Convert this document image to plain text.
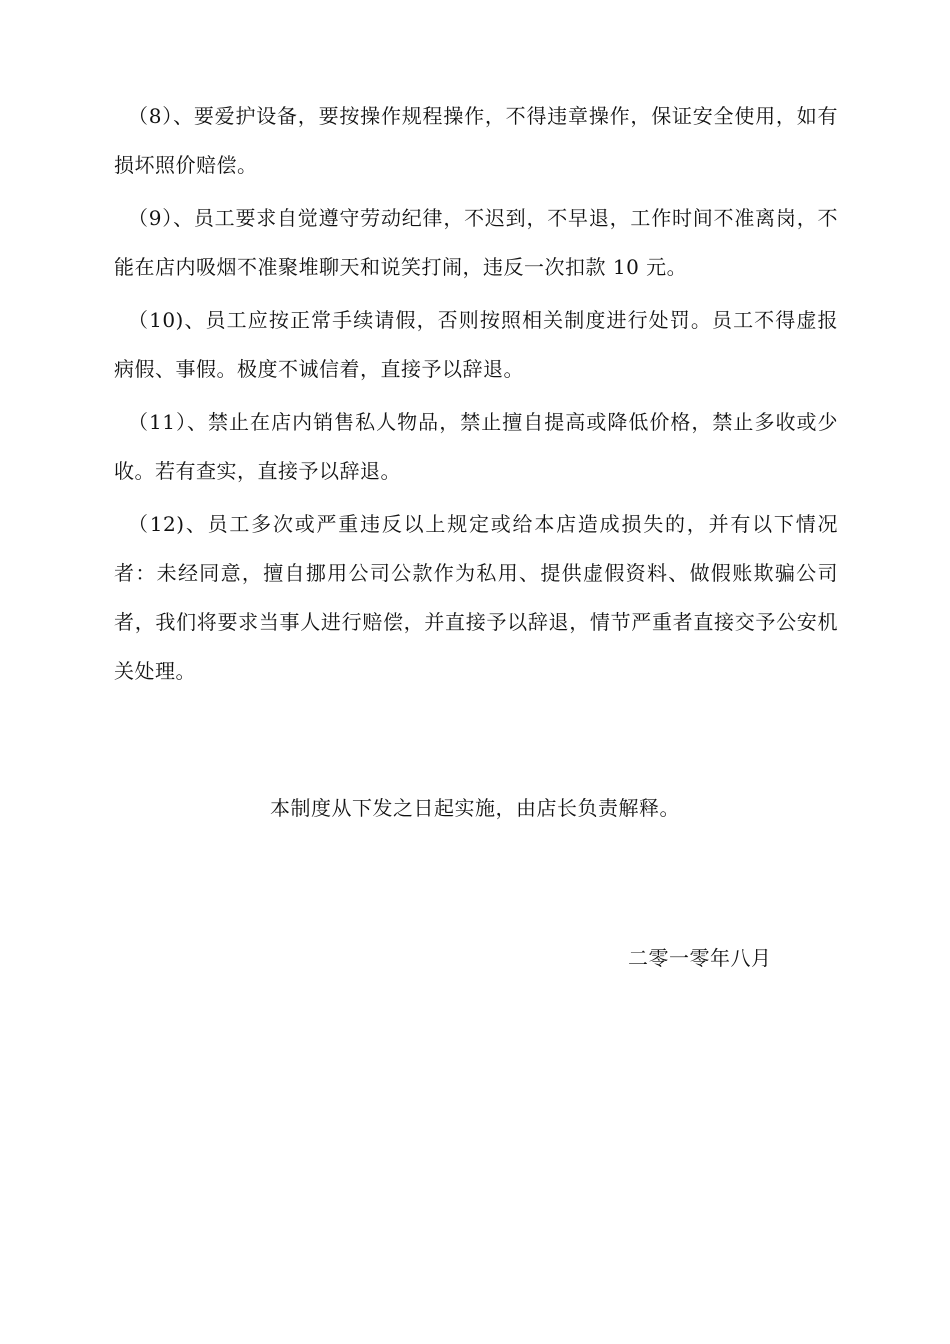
（8）、要爱护设备，要按操作规程操作，不得违章操作，保证安全使用，如有损坏照价赔偿。

（9）、员工要求自觉遵守劳动纪律，不迟到，不早退，工作时间不准离岗，不能在店内吸烟不准聚堆聊天和说笑打闹，违反一次扣款 10 元。

（10)、员工应按正常手续请假，否则按照相关制度进行处罚。员工不得虚报病假、事假。极度不诚信着，直接予以辞退。

（11）、禁止在店内销售私人物品，禁止擅自提高或降低价格，禁止多收或少收。若有查实，直接予以辞退。

（12)、员工多次或严重违反以上规定或给本店造成损失的，并有以下情况者：未经同意，擅自挪用公司公款作为私用、提供虚假资料、做假账欺骗公司者，我们将要求当事人进行赔偿，并直接予以辞退，情节严重者直接交予公安机关处理。

本制度从下发之日起实施，由店长负责解释。

二零一零年八月
